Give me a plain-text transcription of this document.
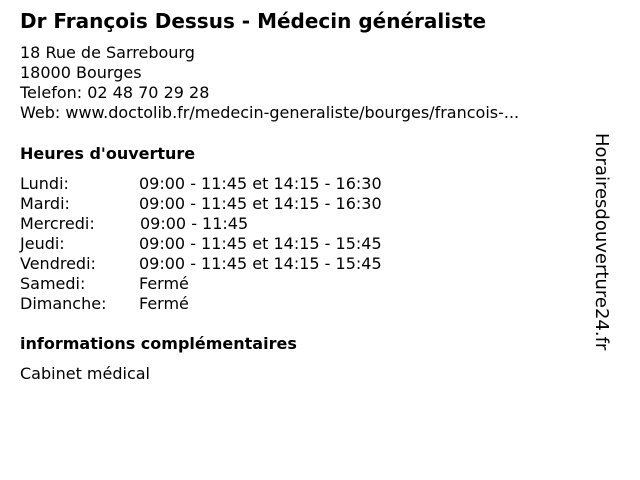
Dr François Dessus - Médecin généraliste
18 Rue de Sarrebourg
18000 Bourges
Telefon: 02 48 70 29 28
Web: www.doctolib.fr/medecin-generaliste/bourges/francois-...
Heures d'ouverture
Lundi:	09:00 - 11:45 et 14:15 - 16:30
Mardi:	09:00 - 11:45 et 14:15 - 16:30
Mercredi:	09:00 - 11:45
Jeudi:	09:00 - 11:45 et 14:15 - 15:45
Vendredi:	09:00 - 11:45 et 14:15 - 15:45
Samedi:	Fermé
Dimanche: Fermé
informations complémentaires
Cabinet médical
Horairesdouverture24.fr
